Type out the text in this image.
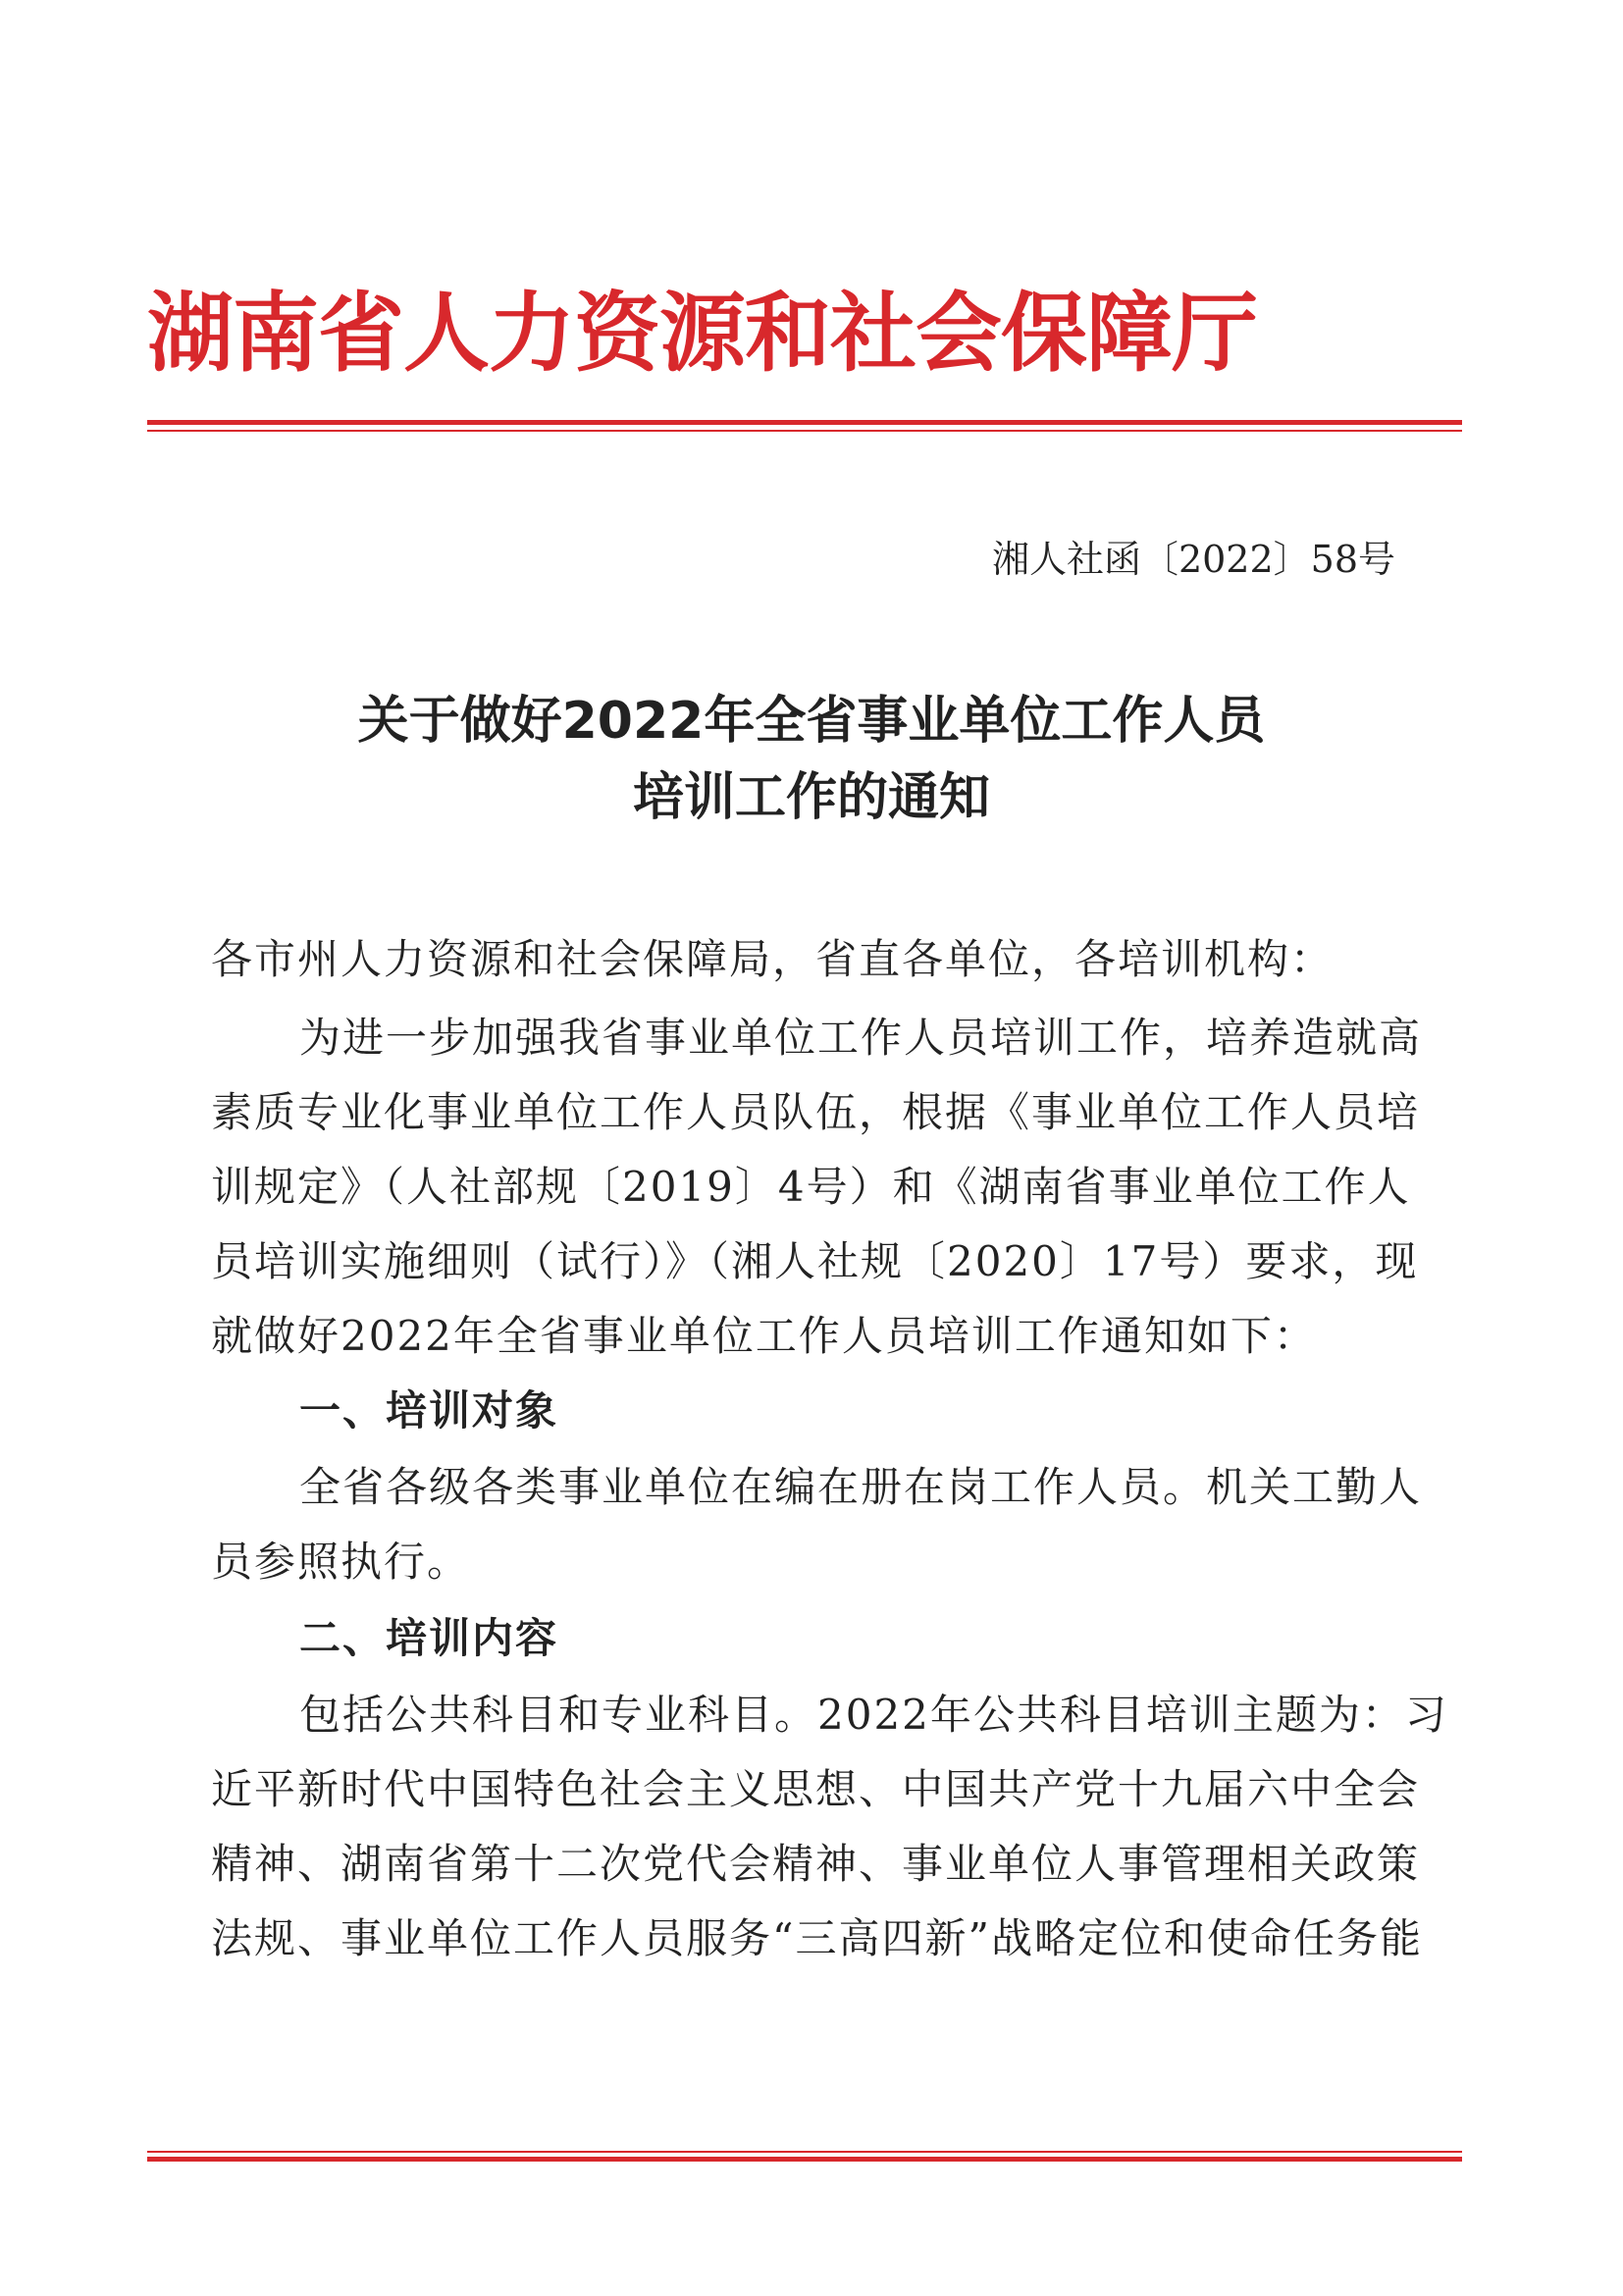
湖南省人力资源和社会保障厅
湘人社函〔2022〕58号
关于做好2022年全省事业单位工作人员
培训工作的通知
各市州人力资源和社会保障局，省直各单位，各培训机构：
为进一步加强我省事业单位工作人员培训工作，培养造就高
素质专业化事业单位工作人员队伍，根据《事业单位工作人员培
训规定》（人社部规〔2019〕4号）和《湖南省事业单位工作人
员培训实施细则（试行）》（湘人社规〔2020〕17号）要求，现
就做好2022年全省事业单位工作人员培训工作通知如下：
一、培训对象
全省各级各类事业单位在编在册在岗工作人员。机关工勤人
员参照执行。
二、培训内容
包括公共科目和专业科目。2022年公共科目培训主题为：习
近平新时代中国特色社会主义思想、中国共产党十九届六中全会
精神、湖南省第十二次党代会精神、事业单位人事管理相关政策
法规、事业单位工作人员服务“三高四新”战略定位和使命任务能
